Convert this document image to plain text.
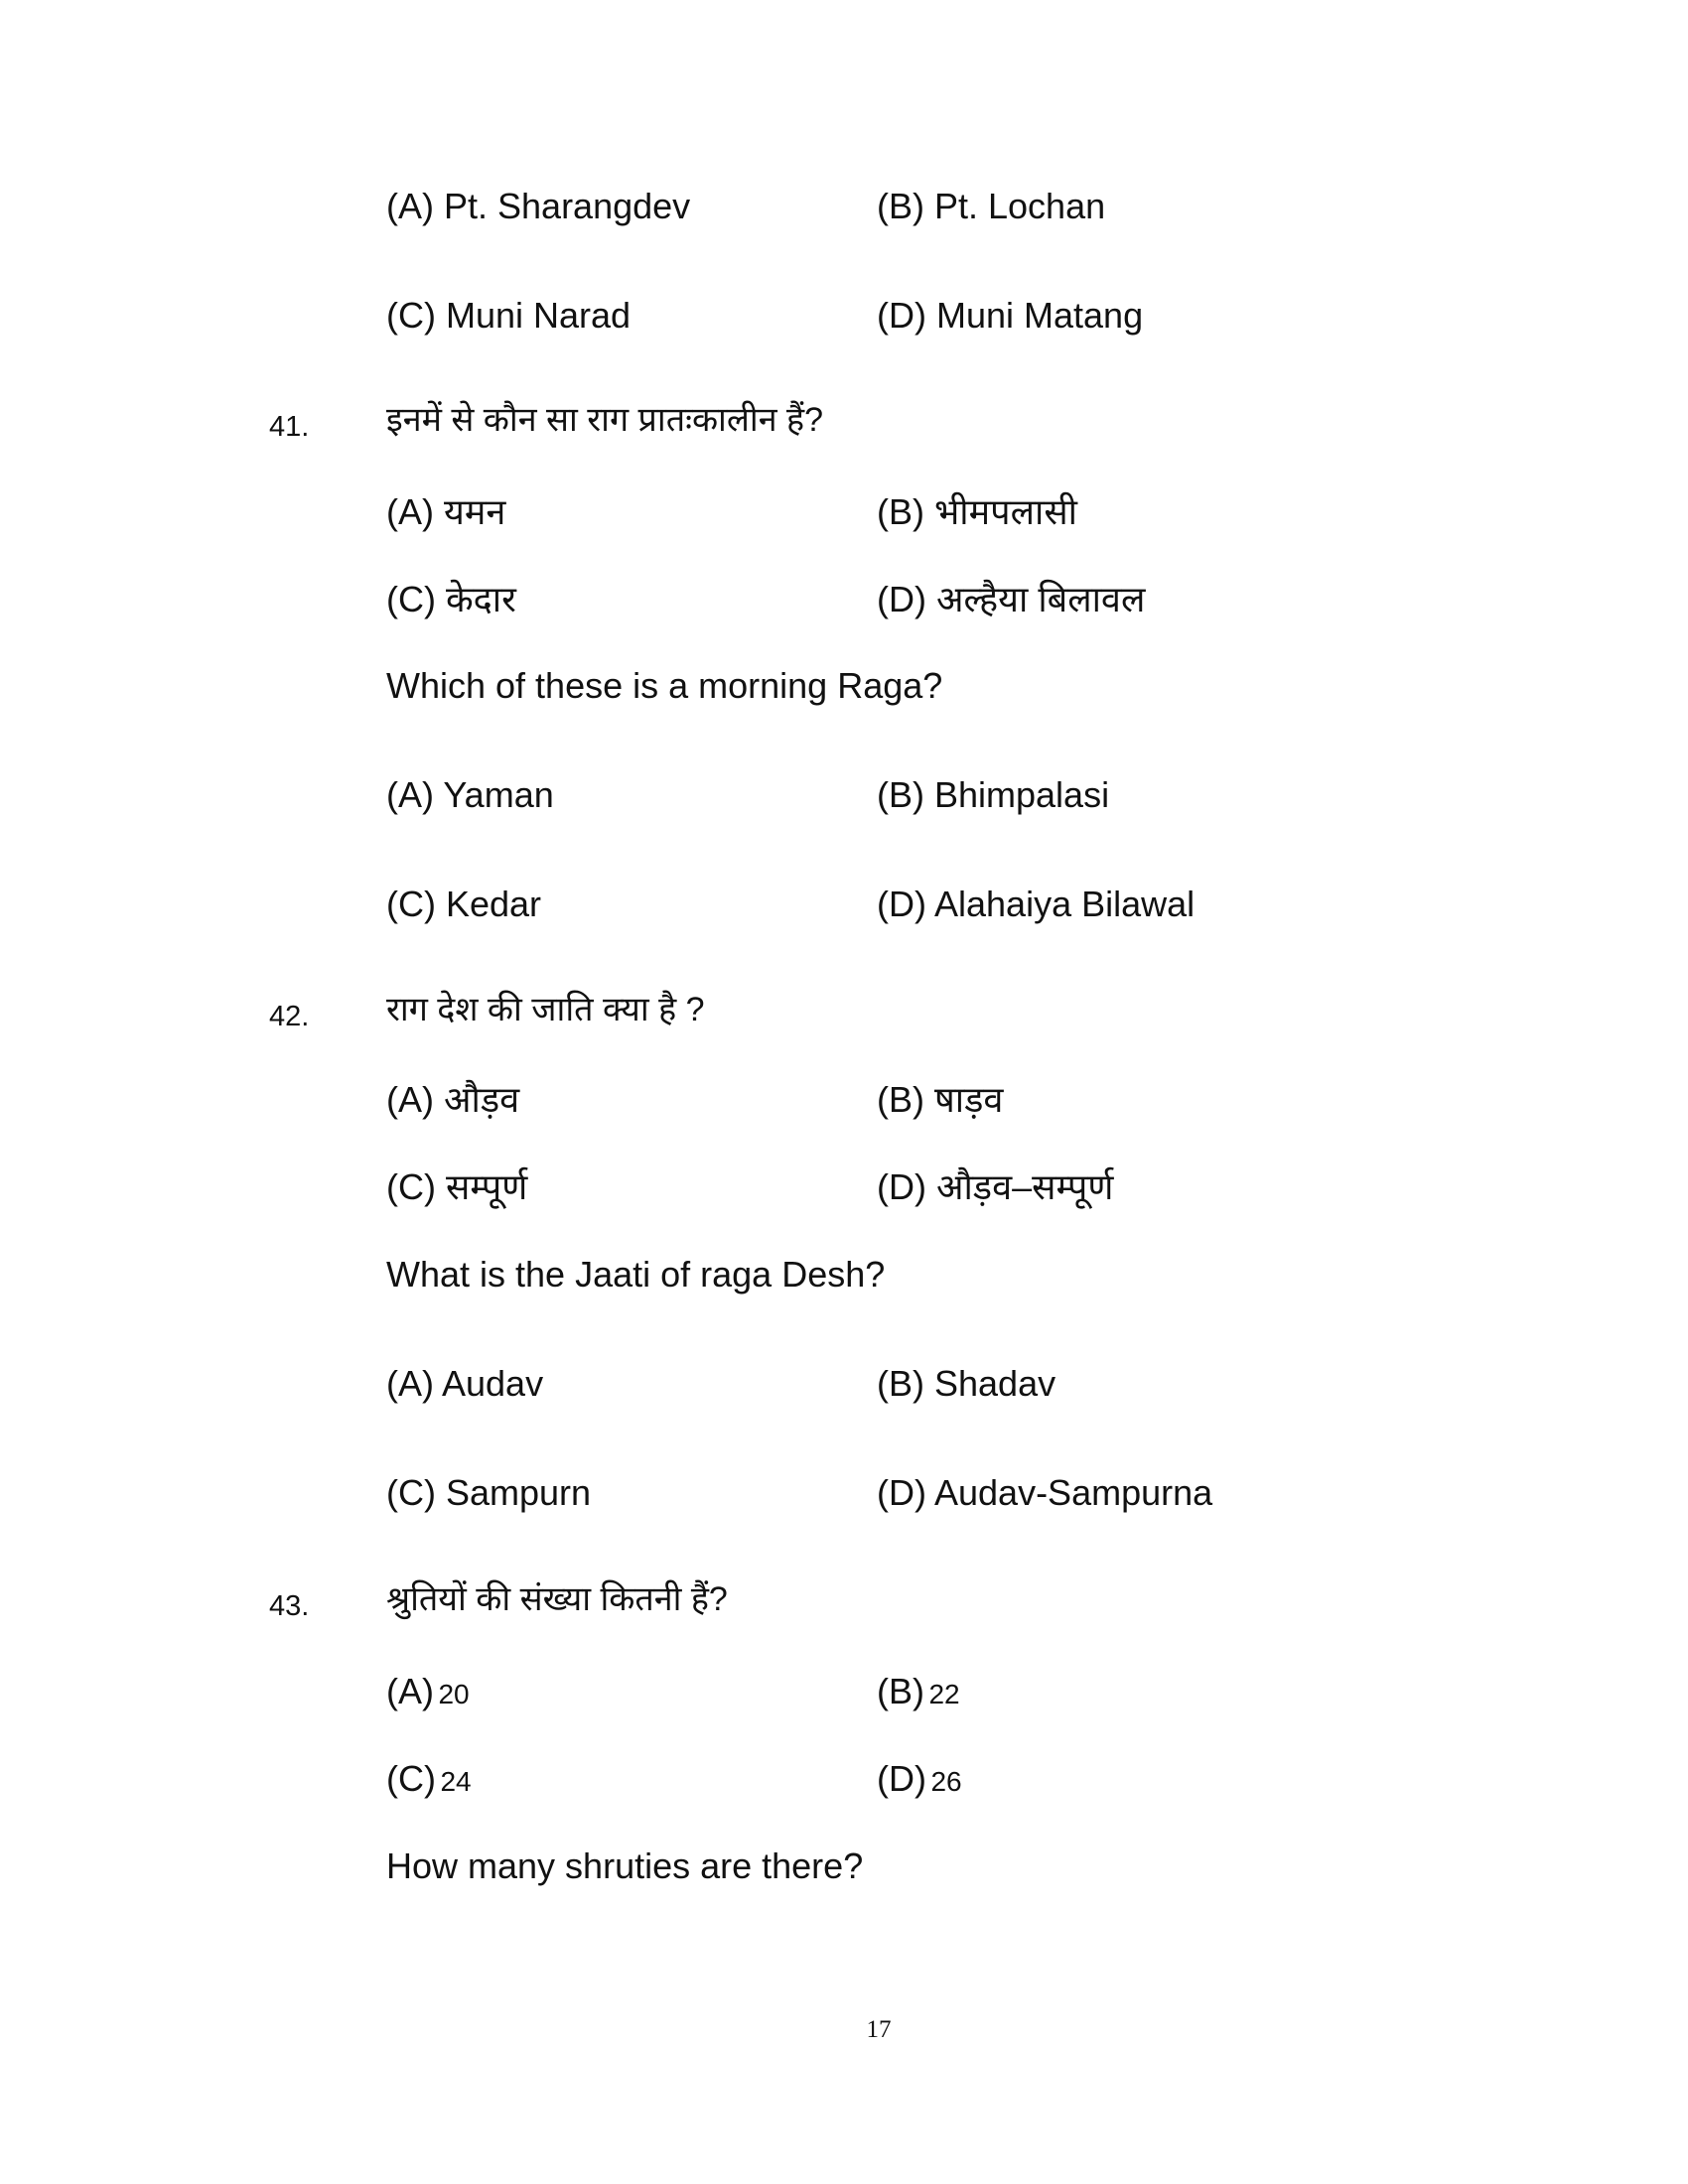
(A) Pt. Sharangdev	(B) Pt. Lochan
(C) Muni Narad	(D) Muni Matang
41. इनमें से कौन सा राग प्रातःकालीन हैं?
(A) यमन	(B) भीमपलासी
(C) केदार	(D) अल्हैया बिलावल
Which of these is a morning Raga?
(A) Yaman	(B) Bhimpalasi
(C) Kedar	(D) Alahaiya Bilawal
42. राग देश की जाति क्या है ?
(A) औड़व	(B) षाड़व
(C) सम्पूर्ण	(D) औड़व–सम्पूर्ण
What is the Jaati of raga Desh?
(A) Audav	(B) Shadav
(C) Sampurn	(D) Audav-Sampurna
43. श्रुतियों की संख्या कितनी हैं?
(A) 20	(B) 22
(C) 24	(D) 26
How many shruties are there?
17
